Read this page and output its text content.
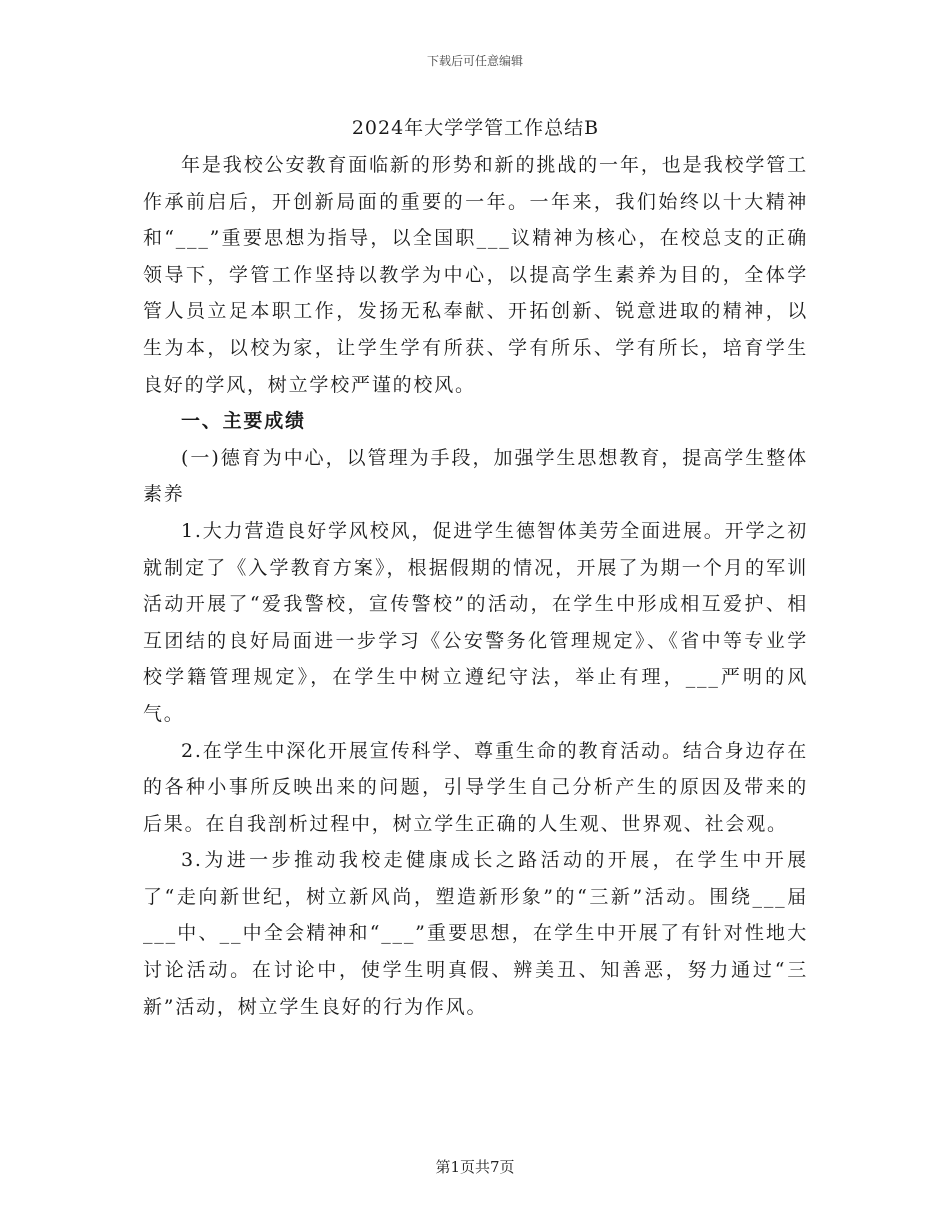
下载后可任意编辑
2024年大学学管工作总结B

年是我校公安教育面临新的形势和新的挑战的一年，也是我校学管工作承前启后，开创新局面的重要的一年。一年来，我们始终以十大精神和“___”重要思想为指导，以全国职___议精神为核心，在校总支的正确领导下，学管工作坚持以教学为中心，以提高学生素养为目的，全体学管人员立足本职工作，发扬无私奉献、开拓创新、锐意进取的精神，以生为本，以校为家，让学生学有所获、学有所乐、学有所长，培育学生良好的学风，树立学校严谨的校风。

一、主要成绩

(一)德育为中心，以管理为手段，加强学生思想教育，提高学生整体素养

1.大力营造良好学风校风，促进学生德智体美劳全面进展。开学之初就制定了《入学教育方案》，根据假期的情况，开展了为期一个月的军训活动开展了“爱我警校，宣传警校”的活动，在学生中形成相互爱护、相互团结的良好局面进一步学习《公安警务化管理规定》、《省中等专业学校学籍管理规定》，在学生中树立遵纪守法，举止有理，___严明的风气。

2.在学生中深化开展宣传科学、尊重生命的教育活动。结合身边存在的各种小事所反映出来的问题，引导学生自己分析产生的原因及带来的后果。在自我剖析过程中，树立学生正确的人生观、世界观、社会观。

3.为进一步推动我校走健康成长之路活动的开展，在学生中开展了“走向新世纪，树立新风尚，塑造新形象”的“三新”活动。围绕___届___中、__中全会精神和“___”重要思想，在学生中开展了有针对性地大讨论活动。在讨论中，使学生明真假、辨美丑、知善恶，努力通过“三新”活动，树立学生良好的行为作风。

第1页共7页
